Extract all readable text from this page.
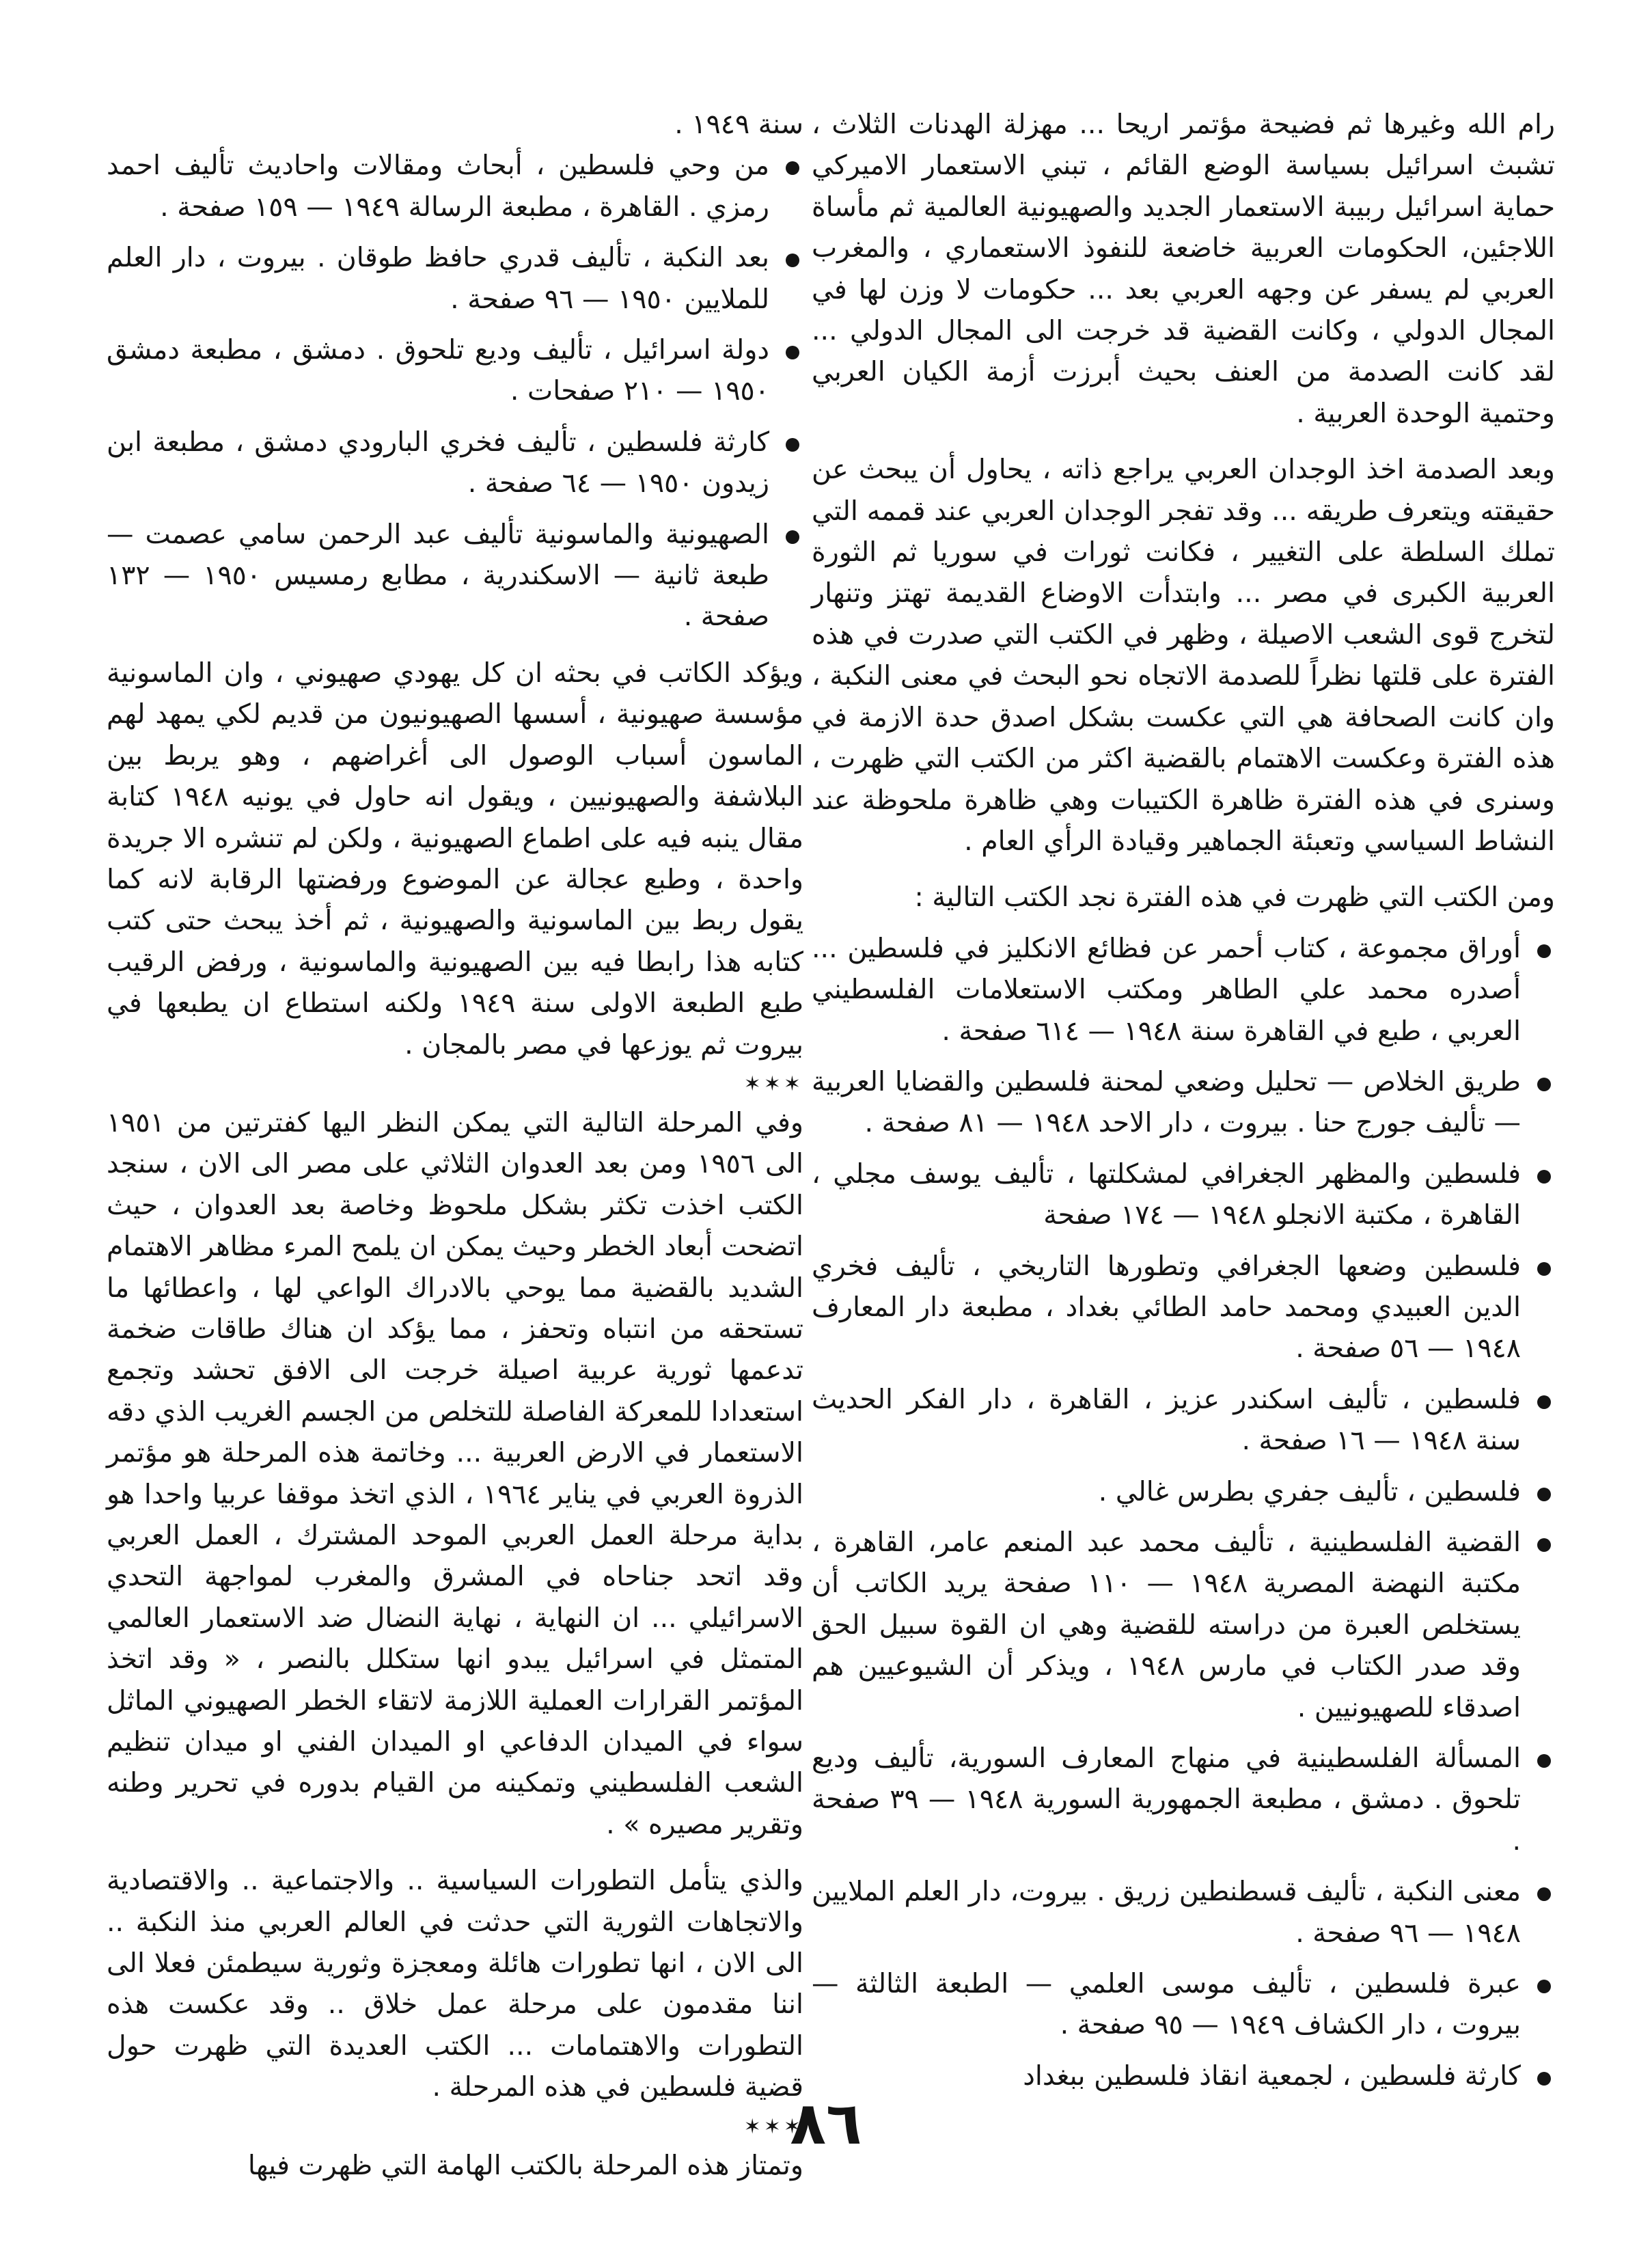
رام الله وغيرها ثم فضيحة مؤتمر اريحا ... مهزلة الهدنات الثلاث ، تشبث اسرائيل بسياسة الوضع القائم ، تبني الاستعمار الاميركي حماية اسرائيل ربيبة الاستعمار الجديد والصهيونية العالمية ثم مأساة اللاجئين، الحكومات العربية خاضعة للنفوذ الاستعماري ، والمغرب العربي لم يسفر عن وجهه العربي بعد ... حكومات لا وزن لها في المجال الدولي ، وكانت القضية قد خرجت الى المجال الدولي ... لقد كانت الصدمة من العنف بحيث أبرزت أزمة الكيان العربي وحتمية الوحدة العربية .

وبعد الصدمة اخذ الوجدان العربي يراجع ذاته ، يحاول أن يبحث عن حقيقته ويتعرف طريقه ... وقد تفجر الوجدان العربي عند قممه التي تملك السلطة على التغيير ، فكانت ثورات في سوريا ثم الثورة العربية الكبرى في مصر ... وابتدأت الاوضاع القديمة تهتز وتنهار لتخرج قوى الشعب الاصيلة ، وظهر في الكتب التي صدرت في هذه الفترة على قلتها نظراً للصدمة الاتجاه نحو البحث في معنى النكبة ، وان كانت الصحافة هي التي عكست بشكل اصدق حدة الازمة في هذه الفترة وعكست الاهتمام بالقضية اكثر من الكتب التي ظهرت ، وسنرى في هذه الفترة ظاهرة الكتيبات وهي ظاهرة ملحوظة عند النشاط السياسي وتعبئة الجماهير وقيادة الرأي العام .

ومن الكتب التي ظهرت في هذه الفترة نجد الكتب التالية :

أوراق مجموعة ، كتاب أحمر عن فظائع الانكليز في فلسطين ... أصدره محمد علي الطاهر ومكتب الاستعلامات الفلسطيني العربي ، طبع في القاهرة سنة ١٩٤٨ — ٦١٤ صفحة .
طريق الخلاص — تحليل وضعي لمحنة فلسطين والقضايا العربية — تأليف جورج حنا . بيروت ، دار الاحد ١٩٤٨ — ٨١ صفحة .
فلسطين والمظهر الجغرافي لمشكلتها ، تأليف يوسف مجلي ، القاهرة ، مكتبة الانجلو ١٩٤٨ — ١٧٤ صفحة
فلسطين وضعها الجغرافي وتطورها التاريخي ، تأليف فخري الدين العبيدي ومحمد حامد الطائي بغداد ، مطبعة دار المعارف ١٩٤٨ — ٥٦ صفحة .
فلسطين ، تأليف اسكندر عزيز ، القاهرة ، دار الفكر الحديث سنة ١٩٤٨ — ١٦ صفحة .
فلسطين ، تأليف جفري بطرس غالي .
القضية الفلسطينية ، تأليف محمد عبد المنعم عامر، القاهرة ، مكتبة النهضة المصرية ١٩٤٨ — ١١٠ صفحة يريد الكاتب أن يستخلص العبرة من دراسته للقضية وهي ان القوة سبيل الحق وقد صدر الكتاب في مارس ١٩٤٨ ، ويذكر أن الشيوعيين هم اصدقاء للصهيونيين .
المسألة الفلسطينية في منهاج المعارف السورية، تأليف وديع تلحوق . دمشق ، مطبعة الجمهورية السورية ١٩٤٨ — ٣٩ صفحة .
معنى النكبة ، تأليف قسطنطين زريق . بيروت، دار العلم الملايين ١٩٤٨ — ٩٦ صفحة .
عبرة فلسطين ، تأليف موسى العلمي — الطبعة الثالثة — بيروت ، دار الكشاف ١٩٤٩ — ٩٥ صفحة .
كارثة فلسطين ، لجمعية انقاذ فلسطين ببغداد

سنة ١٩٤٩ .

من وحي فلسطين ، أبحاث ومقالات واحاديث تأليف احمد رمزي . القاهرة ، مطبعة الرسالة ١٩٤٩ — ١٥٩ صفحة .
بعد النكبة ، تأليف قدري حافظ طوقان . بيروت ، دار العلم للملايين ١٩٥٠ — ٩٦ صفحة .
دولة اسرائيل ، تأليف وديع تلحوق . دمشق ، مطبعة دمشق ١٩٥٠ — ٢١٠ صفحات .
كارثة فلسطين ، تأليف فخري البارودي دمشق ، مطبعة ابن زيدون ١٩٥٠ — ٦٤ صفحة .
الصهيونية والماسونية تأليف عبد الرحمن سامي عصمت — طبعة ثانية — الاسكندرية ، مطابع رمسيس ١٩٥٠ — ١٣٢ صفحة .

ويؤكد الكاتب في بحثه ان كل يهودي صهيوني ، وان الماسونية مؤسسة صهيونية ، أسسها الصهيونيون من قديم لكي يمهد لهم الماسون أسباب الوصول الى أغراضهم ، وهو يربط بين البلاشفة والصهيونيين ، ويقول انه حاول في يونيه ١٩٤٨ كتابة مقال ينبه فيه على اطماع الصهيونية ، ولكن لم تنشره الا جريدة واحدة ، وطبع عجالة عن الموضوع ورفضتها الرقابة لانه كما يقول ربط بين الماسونية والصهيونية ، ثم أخذ يبحث حتى كتب كتابه هذا رابطا فيه بين الصهيونية والماسونية ، ورفض الرقيب طبع الطبعة الاولى سنة ١٩٤٩ ولكنه استطاع ان يطبعها في بيروت ثم يوزعها في مصر بالمجان .

✶✶✶

وفي المرحلة التالية التي يمكن النظر اليها كفترتين من ١٩٥١ الى ١٩٥٦ ومن بعد العدوان الثلاثي على مصر الى الان ، سنجد الكتب اخذت تكثر بشكل ملحوظ وخاصة بعد العدوان ، حيث اتضحت أبعاد الخطر وحيث يمكن ان يلمح المرء مظاهر الاهتمام الشديد بالقضية مما يوحي بالادراك الواعي لها ، واعطائها ما تستحقه من انتباه وتحفز ، مما يؤكد ان هناك طاقات ضخمة تدعمها ثورية عربية اصيلة خرجت الى الافق تحشد وتجمع استعدادا للمعركة الفاصلة للتخلص من الجسم الغريب الذي دقه الاستعمار في الارض العربية ... وخاتمة هذه المرحلة هو مؤتمر الذروة العربي في يناير ١٩٦٤ ، الذي اتخذ موقفا عربيا واحدا هو بداية مرحلة العمل العربي الموحد المشترك ، العمل العربي وقد اتحد جناحاه في المشرق والمغرب لمواجهة التحدي الاسرائيلي ... ان النهاية ، نهاية النضال ضد الاستعمار العالمي المتمثل في اسرائيل يبدو انها ستكلل بالنصر ، « وقد اتخذ المؤتمر القرارات العملية اللازمة لاتقاء الخطر الصهيوني الماثل سواء في الميدان الدفاعي او الميدان الفني او ميدان تنظيم الشعب الفلسطيني وتمكينه من القيام بدوره في تحرير وطنه وتقرير مصيره » .

والذي يتأمل التطورات السياسية .. والاجتماعية .. والاقتصادية والاتجاهات الثورية التي حدثت في العالم العربي منذ النكبة .. الى الان ، انها تطورات هائلة ومعجزة وثورية سيطمئن فعلا الى اننا مقدمون على مرحلة عمل خلاق .. وقد عكست هذه التطورات والاهتمامات ... الكتب العديدة التي ظهرت حول قضية فلسطين في هذه المرحلة .

✶✶✶

وتمتاز هذه المرحلة بالكتب الهامة التي ظهرت فيها

٨٦
